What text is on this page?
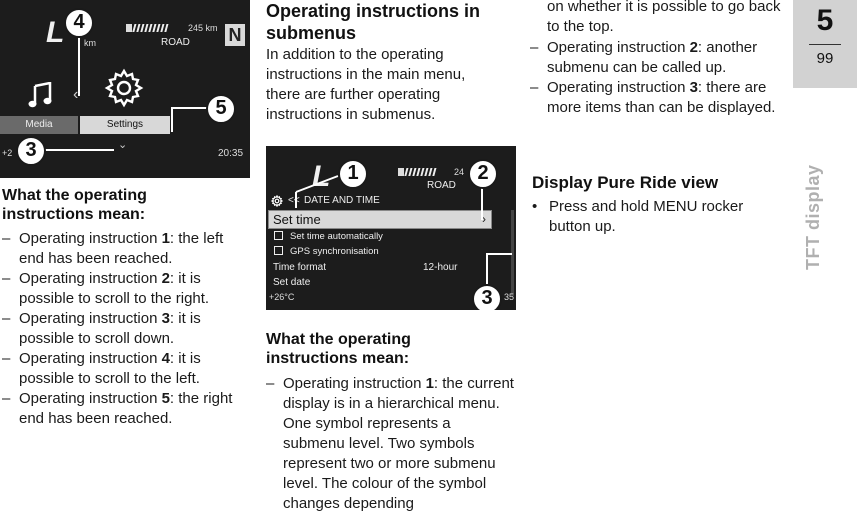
L km
245 km
ROAD N
‹
Media	Settings
⌄
+2	20:35
4
5
3
L	24
ROAD
<< DATE AND TIME
Set time	›
Set time automatically
GPS synchronisation
Time format	12-hour
Set date
+26°C	35
1	2
3
What the operating instructions mean:
– Operating instruction 1: the left end has been reached.
– Operating instruction 2: it is possible to scroll to the right.
– Operating instruction 3: it is possible to scroll down.
– Operating instruction 4: it is possible to scroll to the left.
– Operating instruction 5: the right end has been reached.
Operating instructions in submenus

In addition to the operating instructions in the main menu, there are further operating instructions in submenus.

What the operating instructions mean:
– Operating instruction 1: the current display is in a hierarchical menu. One symbol represents a submenu level. Two symbols represent two or more submenu level. The colour of the symbol changes depending

on whether it is possible to go back to the top.

– Operating instruction 2: another submenu can be called up.
– Operating instruction 3: there are more items than can be displayed.
Display Pure Ride view
• Press and hold MENU rocker button up.
5
99
TFT display
